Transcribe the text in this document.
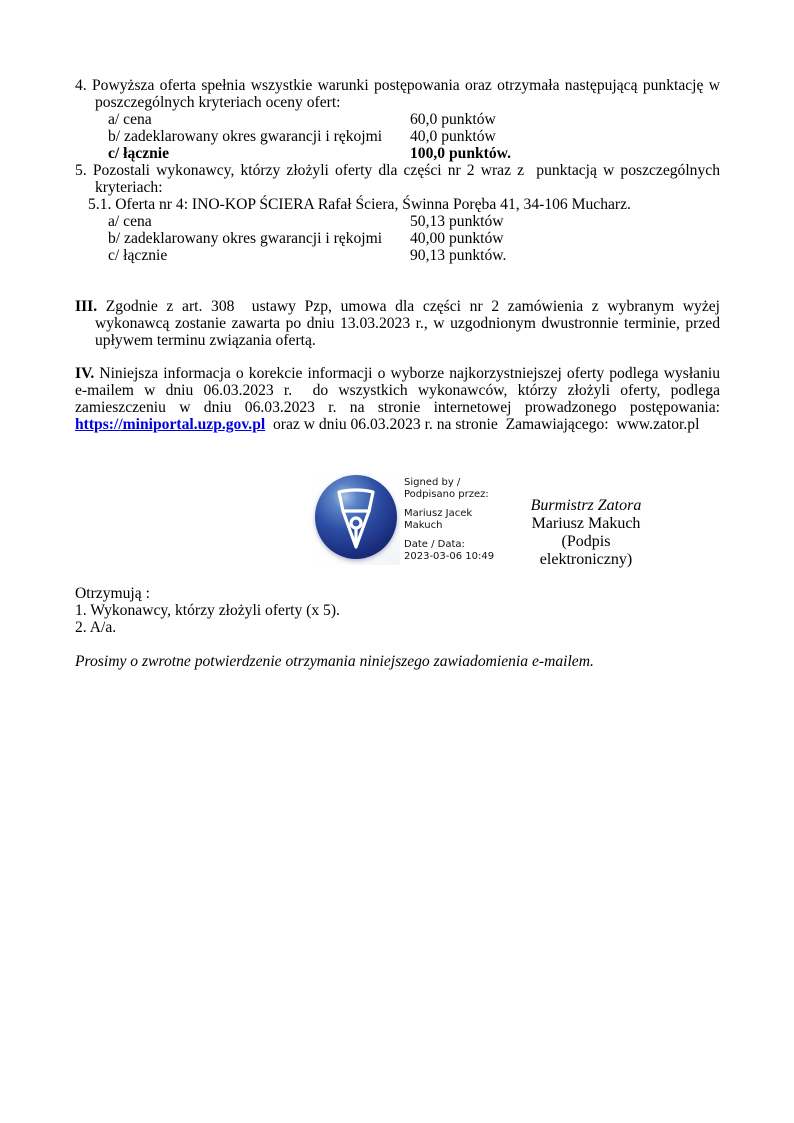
4. Powyższa oferta spełnia wszystkie warunki postępowania oraz otrzymała następującą punktację w poszczególnych kryteriach oceny ofert:

a/ cena	60,0 punktów
b/ zadeklarowany okres gwarancji i rękojmi	40,0 punktów
c/ łącznie	100,0 punktów.

5. Pozostali wykonawcy, którzy złożyli oferty dla części nr 2 wraz z  punktacją w poszczególnych kryteriach:

5.1. Oferta nr 4: INO-KOP ŚCIERA Rafał Ściera, Świnna Poręba 41, 34-106 Mucharz.

a/ cena	50,13 punktów
b/ zadeklarowany okres gwarancji i rękojmi	40,00 punktów
c/ łącznie	90,13 punktów.

III. Zgodnie z art. 308  ustawy Pzp, umowa dla części nr 2 zamówienia z wybranym wyżej wykonawcą zostanie zawarta po dniu 13.03.2023 r., w uzgodnionym dwustronnie terminie, przed upływem terminu związania ofertą.

IV. Niniejsza informacja o korekcie informacji o wyborze najkorzystniejszej oferty podlega wysłaniu e-mailem w dniu 06.03.2023 r.  do wszystkich wykonawców, którzy złożyli oferty, podlega zamieszczeniu w dniu 06.03.2023 r. na stronie internetowej prowadzonego postępowania: https://miniportal.uzp.gov.pl  oraz w dniu 06.03.2023 r. na stronie  Zamawiającego:  www.zator.pl

Signed by /
Podpisano przez:
Mariusz Jacek
Makuch
Date / Data:
2023-03-06 10:49
Burmistrz Zatora
Mariusz Makuch
(Podpis elektroniczny)
Otrzymują :
1. Wykonawcy, którzy złożyli oferty (x 5).
2. A/a.

Prosimy o zwrotne potwierdzenie otrzymania niniejszego zawiadomienia e-mailem.
